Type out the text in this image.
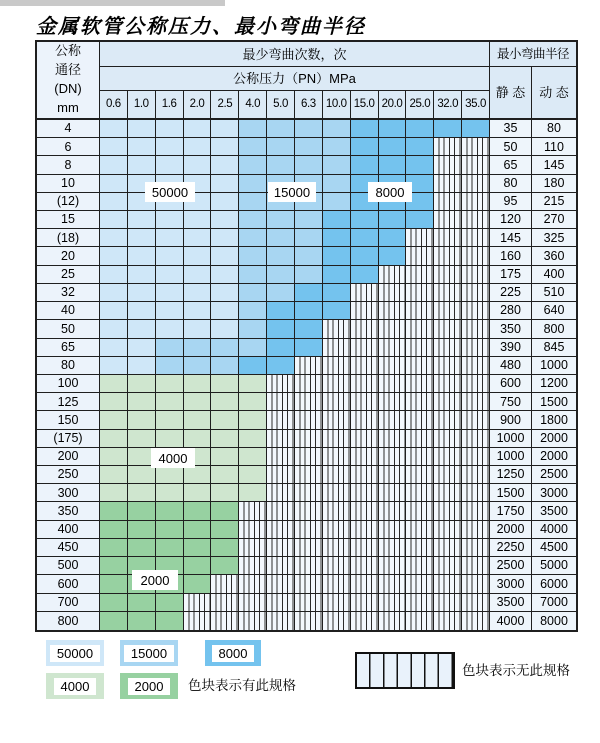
金属软管公称压力、最小弯曲半径
公称
通径
(DN)
mm
最少弯曲次数，次	最小弯曲半径
公称压力（PN）MPa
静 态	动 态
50000	15000	8000
4000
2000
0.6	1.0	1.6	2.0	2.5	4.0	5.0	6.3 10.0 15.0 20.0 25.0 32.0 35.0
4	35	80
6	50	110
8	65	145
10	80	180
(12)	95	215
15	120	270
(18)	145	325
20	160	360
25	175	400
32	225	510
40	280	640
50	350	800
65	390	845
80	480	1000
100	600	1200
125	750	1500
150	900	1800
(175)	1000	2000
200	1000	2000
250	1250	2500
300	1500	3000
350	1750	3500
400	2000	4000
450	2250	4500
500	2500	5000
600	3000	6000
700	3500	7000
800	4000	8000
50000	15000	8000
4000	2000	色块表示有此规格
色块表示无此规格
